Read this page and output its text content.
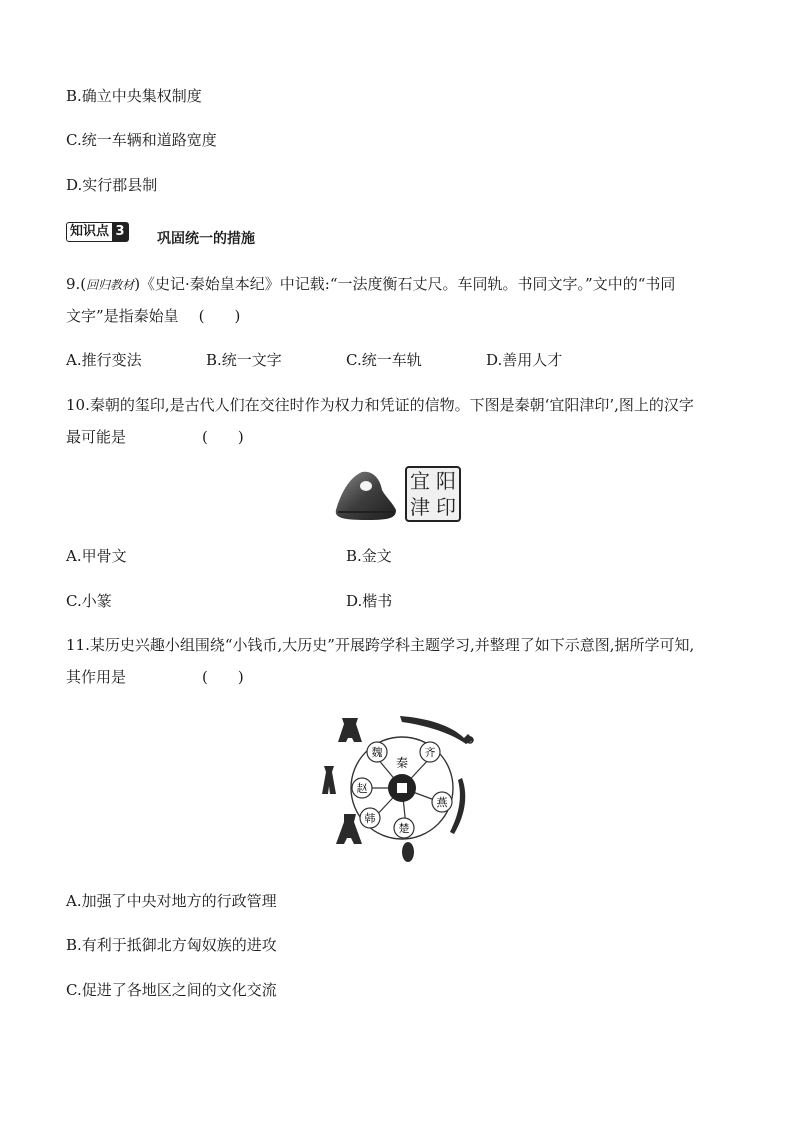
B.确立中央集权制度
C.统一车辆和道路宽度
D.实行郡县制
知识点 3 巩固统一的措施
9.(回归教材)《史记·秦始皇本纪》中记载:“一法度衡石丈尺。车同轨。书同文字。”文中的“书同
文字”是指秦始皇 (　　)
A.推行变法	B.统一文字	C.统一车轨	D.善用人才
10.秦朝的玺印,是古代人们在交往时作为权力和凭证的信物。下图是秦朝‘宜阳津印’,图上的汉字
最可能是	(　　)
宜 阳
津 印
A.甲骨文	B.金文
C.小篆	D.楷书
11.某历史兴趣小组围绕“小钱币,大历史”开展跨学科主题学习,并整理了如下示意图,据所学可知,
其作用是	(　　)
秦
魏	齐
燕
楚
韩
赵
A.加强了中央对地方的行政管理
B.有利于抵御北方匈奴族的进攻
C.促进了各地区之间的文化交流
